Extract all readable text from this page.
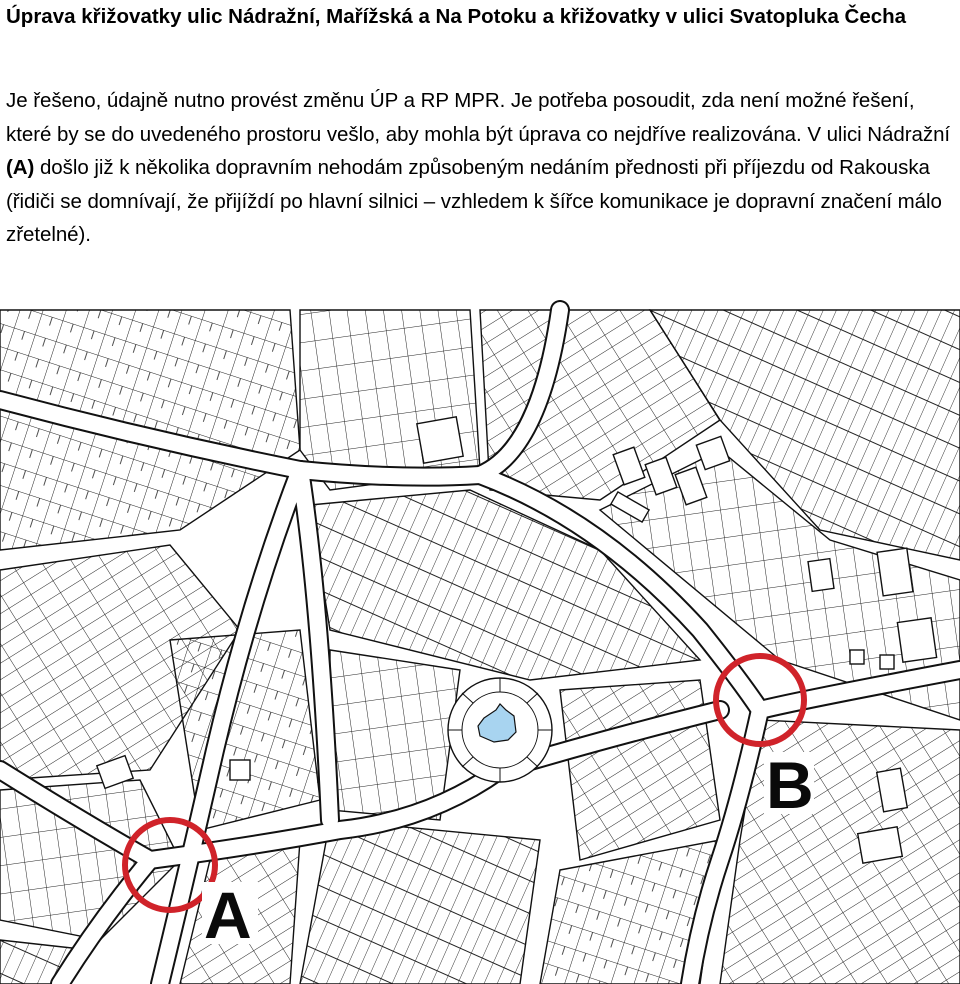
Úprava křižovatky ulic Nádražní, Mařížská a Na Potoku a křižovatky v ulici Svatopluka Čecha

Je řešeno, údajně nutno provést změnu ÚP a RP MPR. Je potřeba posoudit, zda není možné řešení, které by se do uvedeného prostoru vešlo, aby mohla být úprava co nejdříve realizována. V ulici Nádražní (A) došlo již k několika dopravním nehodám způsobeným nedáním přednosti při příjezdu od Rakouska (řidiči se domnívají, že přijíždí po hlavní silnici – vzhledem k šířce komunikace je dopravní značení málo zřetelné).

A
B
